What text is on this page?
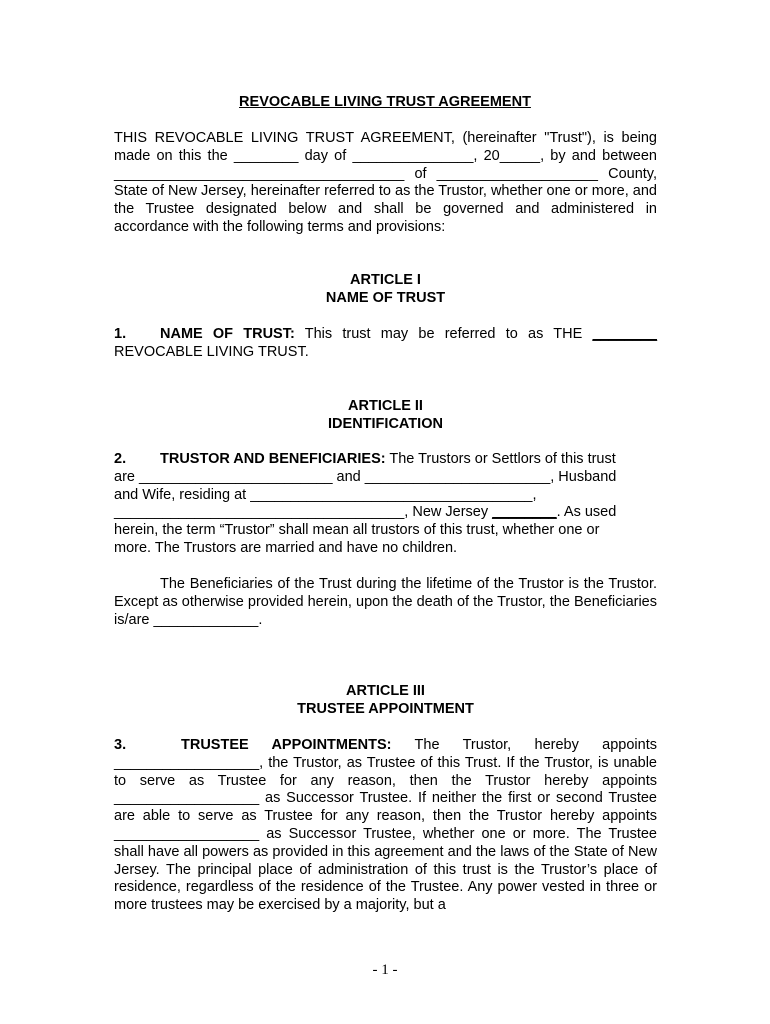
REVOCABLE LIVING TRUST AGREEMENT
THIS REVOCABLE LIVING TRUST AGREEMENT, (hereinafter "Trust"), is being made on this the ________ day of _______________, 20_____, by and between ____________________________________ of ____________________ County, State of New Jersey, hereinafter referred to as the Trustor, whether one or more, and the Trustee designated below and shall be governed and administered in accordance with the following terms and provisions:
ARTICLE I
NAME OF TRUST
1. NAME OF TRUST: This trust may be referred to as THE ________ REVOCABLE LIVING TRUST.
ARTICLE II
IDENTIFICATION
2. TRUSTOR AND BENEFICIARIES: The Trustors or Settlors of this trust
are ________________________ and _______________________, Husband
and Wife, residing at ___________________________________,
____________________________________, New Jersey ________. As used
herein, the term “Trustor” shall mean all trustors of this trust, whether one or
more. The Trustors are married and have no children.
The Beneficiaries of the Trust during the lifetime of the Trustor is the Trustor. Except as otherwise provided herein, upon the death of the Trustor, the Beneficiaries is/are _____________.
ARTICLE III
TRUSTEE APPOINTMENT
3.	TRUSTEE APPOINTMENTS: The Trustor, hereby appoints __________________, the Trustor, as Trustee of this Trust. If the Trustor, is unable to serve as Trustee for any reason, then the Trustor hereby appoints __________________ as Successor Trustee. If neither the first or second Trustee are able to serve as Trustee for any reason, then the Trustor hereby appoints __________________ as Successor Trustee, whether one or more. The Trustee shall have all powers as provided in this agreement and the laws of the State of New Jersey. The principal place of administration of this trust is the Trustor’s place of residence, regardless of the residence of the Trustee. Any power vested in three or more trustees may be exercised by a majority, but a
- 1 -
